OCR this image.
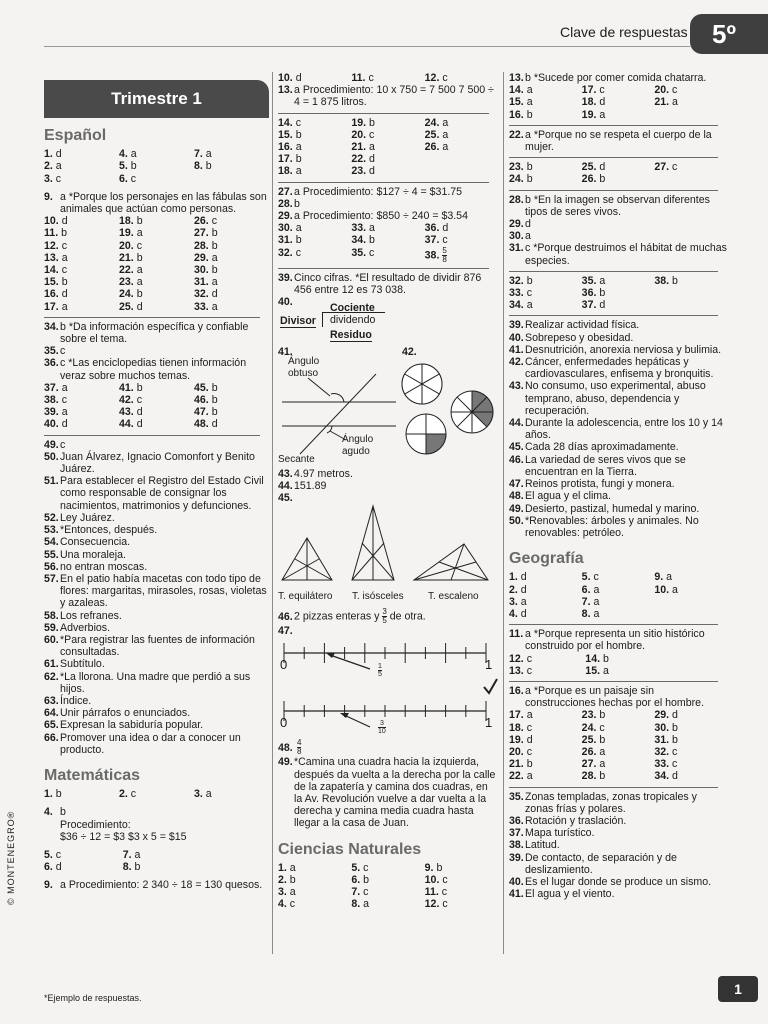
Clave de respuestas 5º
Trimestre 1
Español
1. d	4. a	7. a
2. a	5. b	8. b
3. c	6. c
9. a *Porque los personajes en las fábulas son animales que actúan como personas.
10. d	18. b	26. c
11. b	19. a	27. b
12. c	20. c	28. b
13. a	21. b	29. a
14. c	22. a	30. b
15. b	23. a	31. a
16. d	24. b	32. d
17. a	25. d	33. a
34.b *Da información específica y confiable sobre el tema.
35.c
36.c *Las enciclopedias tienen información veraz sobre muchos temas.
37. a	41. b	45. b
38. c	42. c	46. b
39. a	43. d	47. b
40. d	44. d	48. d
49.c
50.Juan Álvarez, Ignacio Comonfort y Benito Juárez.
51.Para establecer el Registro del Estado Civil como responsable de consignar los nacimientos, matrimonios y defunciones.
52.Ley Juárez.
53.*Entonces, después.
54.Consecuencia.
55.Una moraleja.
56.no entran moscas.
57.En el patio había macetas con todo tipo de flores: margaritas, mirasoles, rosas, violetas y azaleas.
58.Los refranes.
59.Adverbios.
60.*Para registrar las fuentes de información consultadas.
61.Subtítulo.
62.*La llorona. Una madre que perdió a sus hijos.
63.Índice.
64.Unir párrafos o enunciados.
65.Expresan la sabiduría popular.
66.Promover una idea o dar a conocer un producto.
Matemáticas
1. b	2. c	3. a
4. b
Procedimiento:
$36 ÷ 12 = $3 $3 x 5 = $15
5. c	7. a
6. d	8. b
9. a Procedimiento: 2 340 ÷ 18 = 130 quesos.
10. d	11. c	12. c
13.a Procedimiento: 10 x 750 = 7 500 7 500 ÷ 4 = 1 875 litros.
14. c	19. b	24. a
15. b	20. c	25. a
16. a	21. a	26. a
17. b	22. d
18. a	23. d
27.a Procedimiento: $127 ÷ 4 = $31.75
28.b
29.a Procedimiento: $850 ÷ 240 = $3.54
30. a	33. a	36. d
31. b	34. b	37. c
32. c	35. c	38. $\frac{5}{8}$
39.Cinco cifras. *El resultado de dividir 876 456 entre 12 es 73 038.
40.	Cociente
Divisor dividendo
Residuo
41.
Ángulo obtuso
Ángulo agudo
Secante
42.
43.4.97 metros.
44.151.89
45.
T. equilátero T. isósceles T. escaleno
46.2 pizzas enteras y $\frac{3}{5}$ de otra.
47.
0	1
$\frac{1}{5}$
0	1
$\frac{3}{10}$
48. $\frac{4}{8}$
49.*Camina una cuadra hacia la izquierda, después da vuelta a la derecha por la calle de la zapatería y camina dos cuadras, en la Av. Revolución vuelve a dar vuelta a la derecha y camina media cuadra hasta llegar a la casa de Juan.
Ciencias Naturales
1. a	5. c	9. b
2. b	6. b	10. c
3. a	7. c	11. c
4. c	8. a	12. c
13.b *Sucede por comer comida chatarra.
14. a	17. c	20. c
15. a	18. d	21. a
16. b	19. a
22.a *Porque no se respeta el cuerpo de la mujer.
23. b	25. d	27. c
24. b	26. b
28.b *En la imagen se observan diferentes tipos de seres vivos.
29.d
30.a
31.c *Porque destruimos el hábitat de muchas especies.
32. b	35. a	38. b
33. c	36. b
34. a	37. d
39.Realizar actividad física.
40.Sobrepeso y obesidad.
41.Desnutrición, anorexia nerviosa y bulimia.
42.Cáncer, enfermedades hepáticas y cardiovasculares, enfisema y bronquitis.
43.No consumo, uso experimental, abuso temprano, abuso, dependencia y recuperación.
44.Durante la adolescencia, entre los 10 y 14 años.
45.Cada 28 días aproximadamente.
46.La variedad de seres vivos que se encuentran en la Tierra.
47.Reinos protista, fungi y monera.
48.El agua y el clima.
49.Desierto, pastizal, humedal y marino.
50.*Renovables: árboles y animales. No renovables: petróleo.
Geografía
1. d	5. c	9. a
2. d	6. a	10. a
3. a	7. a
4. d	8. a
11. a *Porque representa un sitio histórico construido por el hombre.
12. c	14. b
13. c	15. a
16.a *Porque es un paisaje sin construcciones hechas por el hombre.
17. a	23. b	29. d
18. c	24. c	30. b
19. d	25. b	31. b
20. c	26. a	32. c
21. b	27. a	33. c
22. a	28. b	34. d
35.Zonas templadas, zonas tropicales y zonas frías y polares.
36.Rotación y traslación.
37.Mapa turístico.
38.Latitud.
39.De contacto, de separación y de deslizamiento.
40.Es el lugar donde se produce un sismo.
41.El agua y el viento.
*Ejemplo de respuestas.
1
© MONTENEGRO®
